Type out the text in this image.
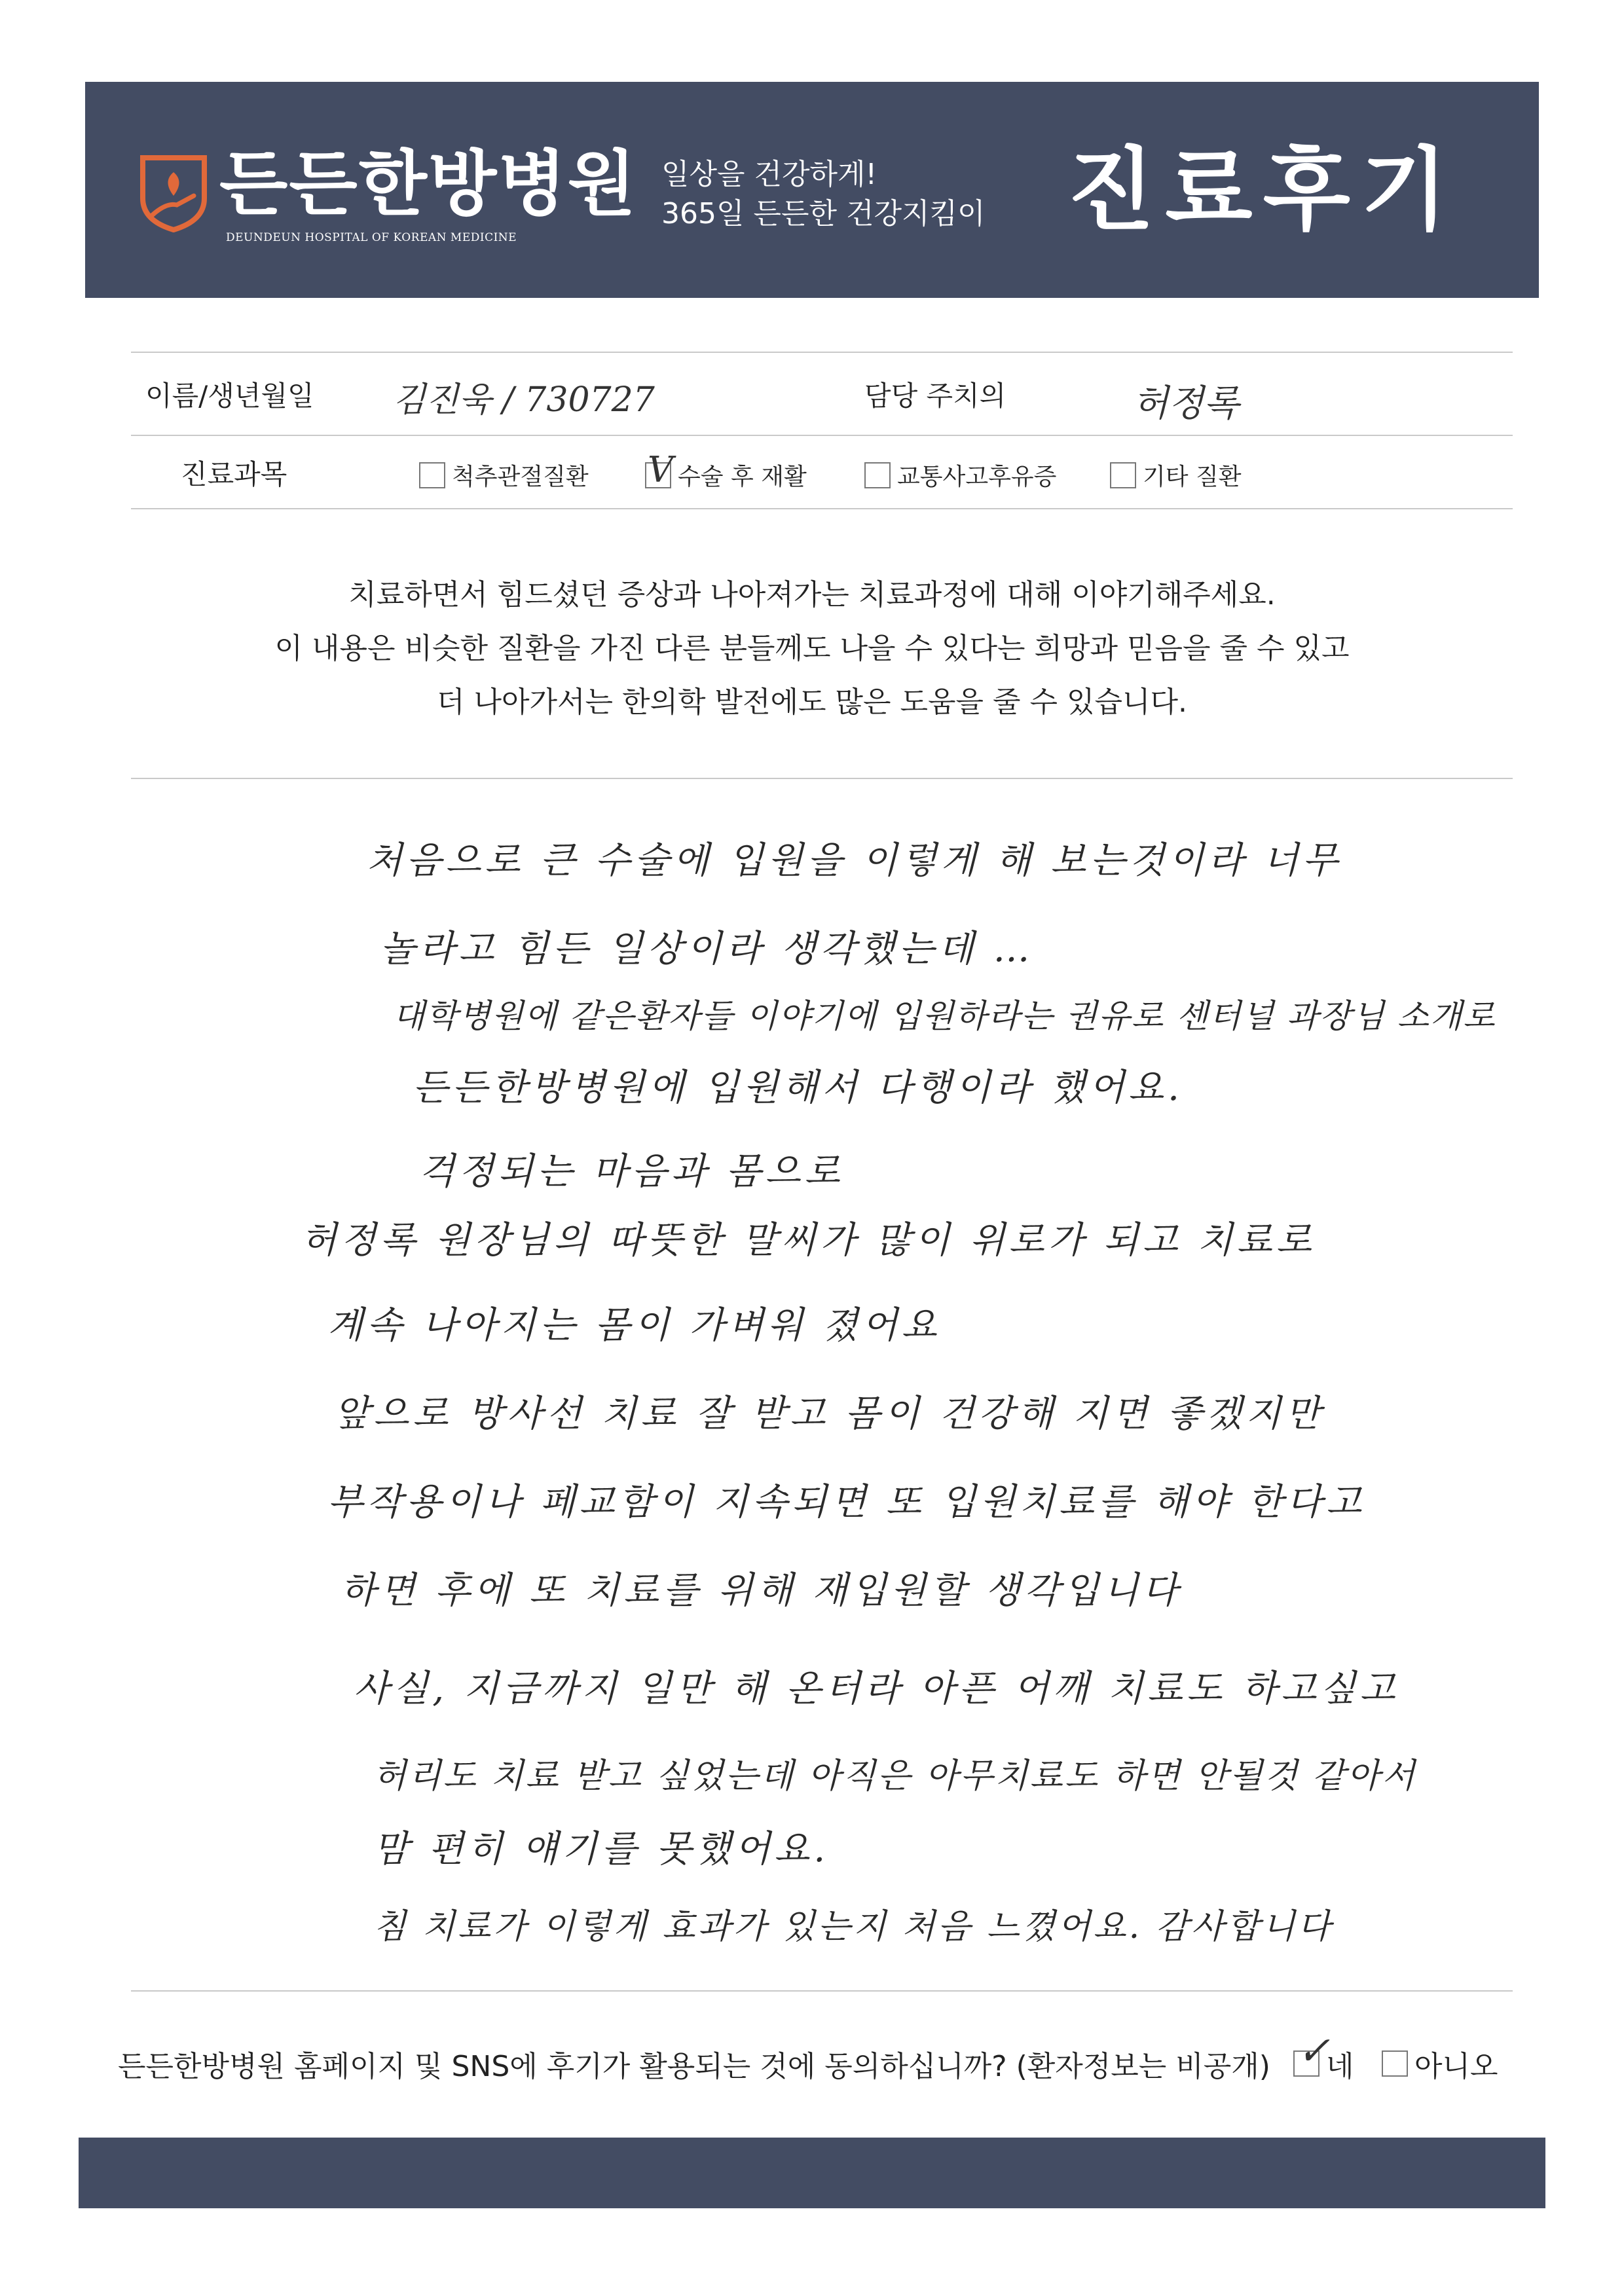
든든한방병원
DEUNDEUN HOSPITAL OF KOREAN MEDICINE
일상을 건강하게!
365일 든든한 건강지킴이 진료후기
이름/생년월일 김진욱 / 730727	담당 주치의	허정록
진료과목	척추관절질환 V 수술 후 재활	교통사고후유증	기타 질환
치료하면서 힘드셨던 증상과 나아져가는 치료과정에 대해 이야기해주세요.
이 내용은 비슷한 질환을 가진 다른 분들께도 나을 수 있다는 희망과 믿음을 줄 수 있고
더 나아가서는 한의학 발전에도 많은 도움을 줄 수 있습니다.
처음으로 큰 수술에 입원을 이렇게 해 보는것이라 너무
놀라고 힘든 일상이라 생각했는데 …
대학병원에 같은환자들 이야기에 입원하라는 권유로 센터널 과장님 소개로
든든한방병원에 입원해서 다행이라 했어요.
걱정되는 마음과 몸으로
허정록 원장님의 따뜻한 말씨가 많이 위로가 되고 치료로
계속 나아지는 몸이 가벼워 졌어요
앞으로 방사선 치료 잘 받고 몸이 건강해 지면 좋겠지만
부작용이나 페교함이 지속되면 또 입원치료를 해야 한다고
하면 후에 또 치료를 위해 재입원할 생각입니다
사실, 지금까지 일만 해 온터라 아픈 어깨 치료도 하고싶고
허리도 치료 받고 싶었는데 아직은 아무치료도 하면 안될것 같아서
맘 편히 얘기를 못했어요.
침 치료가 이렇게 효과가 있는지 처음 느꼈어요. 감사합니다
든든한방병원 홈페이지 및 SNS에 후기가 활용되는 것에 동의하십니까? (환자정보는 비공개) ✓
네 아니오
